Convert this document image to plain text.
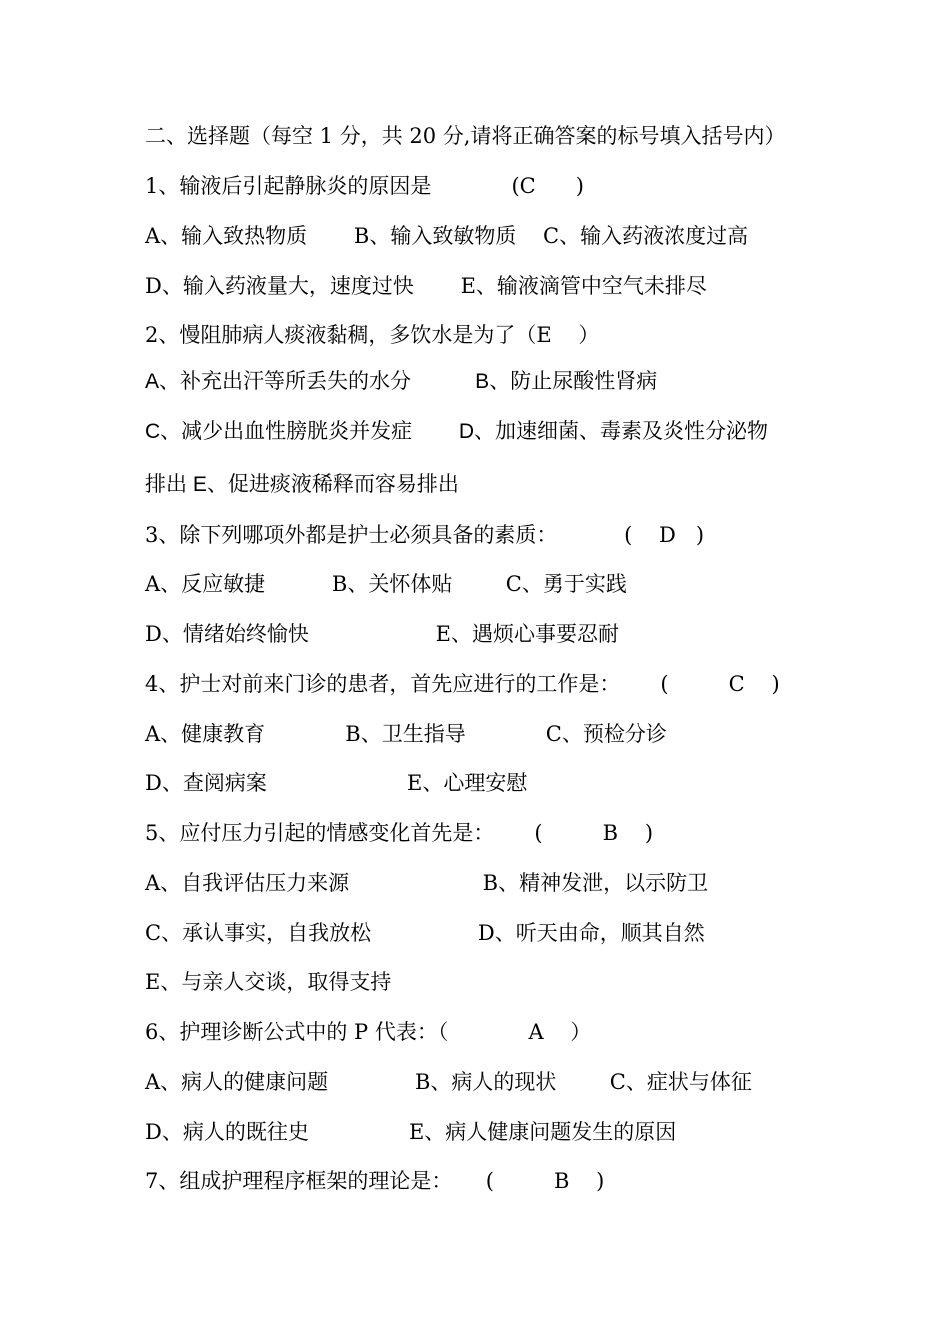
二、选择题（每空 1 分，共 20 分,请将正确答案的标号填入括号内）
1、输液后引起静脉炎的原因是            (C      )
A、输入致热物质       B、输入致敏物质    C、输入药液浓度过高
D、输入药液量大，速度过快       E、输液滴管中空气未排尽
2、慢阻肺病人痰液黏稠，多饮水是为了（E    ）
A、补充出汗等所丢失的水分           B、防止尿酸性肾病
C、减少出血性膀胱炎并发症        D、加速细菌、毒素及炎性分泌物
排出 E、促进痰液稀释而容易排出
3、除下列哪项外都是护士必须具备的素质：          (    D   )
A、反应敏捷          B、关怀体贴        C、勇于实践
D、情绪始终愉快                   E、遇烦心事要忍耐
4、护士对前来门诊的患者，首先应进行的工作是：      (         C    )
A、健康教育            B、卫生指导            C、预检分诊
D、查阅病案                     E、心理安慰
5、应付压力引起的情感变化首先是：      (         B    )
A、自我评估压力来源                    B、精神发泄，以示防卫
C、承认事实，自我放松                D、听天由命，顺其自然
E、与亲人交谈，取得支持
6、护理诊断公式中的 P 代表：（            A    ）
A、病人的健康问题             B、病人的现状        C、症状与体征
D、病人的既往史               E、病人健康问题发生的原因
7、组成护理程序框架的理论是：     (         B    )
